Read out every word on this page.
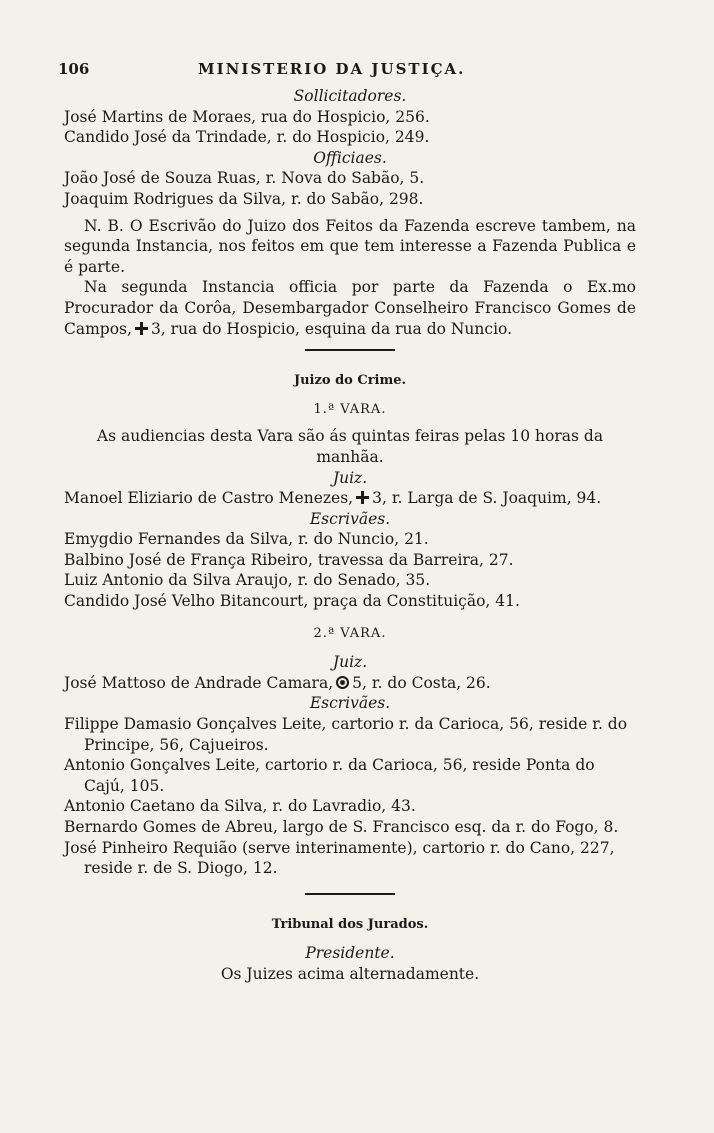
106	MINISTERIO DA JUSTIÇA.
Sollicitadores.
José Martins de Moraes, rua do Hospicio, 256.
Candido José da Trindade, r. do Hospicio, 249.
Officiaes.
João José de Souza Ruas, r. Nova do Sabão, 5.
Joaquim Rodrigues da Silva, r. do Sabão, 298.
N. B. O Escrivão do Juizo dos Feitos da Fazenda escreve tambem, na segunda Instancia, nos feitos em que tem interesse a Fazenda Publica e é parte.
Na segunda Instancia officia por parte da Fazenda o Ex.mo Procurador da Corôa, Desembargador Conselheiro Francisco Gomes de Campos, 3, rua do Hospicio, esquina da rua do Nuncio.
Juizo do Crime.
1.ª VARA.
As audiencias desta Vara são ás quintas feiras pelas 10 horas da manhãa.
Juiz.
Manoel Eliziario de Castro Menezes, 3, r. Larga de S. Joaquim, 94.
Escrivães.
Emygdio Fernandes da Silva, r. do Nuncio, 21.
Balbino José de França Ribeiro, travessa da Barreira, 27.
Luiz Antonio da Silva Araujo, r. do Senado, 35.
Candido José Velho Bitancourt, praça da Constituição, 41.
2.ª VARA.
Juiz.
José Mattoso de Andrade Camara, 5, r. do Costa, 26.
Escrivães.
Filippe Damasio Gonçalves Leite, cartorio r. da Carioca, 56, reside r. do Principe, 56, Cajueiros.
Antonio Gonçalves Leite, cartorio r. da Carioca, 56, reside Ponta do Cajú, 105.
Antonio Caetano da Silva, r. do Lavradio, 43.
Bernardo Gomes de Abreu, largo de S. Francisco esq. da r. do Fogo, 8.
José Pinheiro Requião (serve interinamente), cartorio r. do Cano, 227, reside r. de S. Diogo, 12.
Tribunal dos Jurados.
Presidente.
Os Juizes acima alternadamente.
